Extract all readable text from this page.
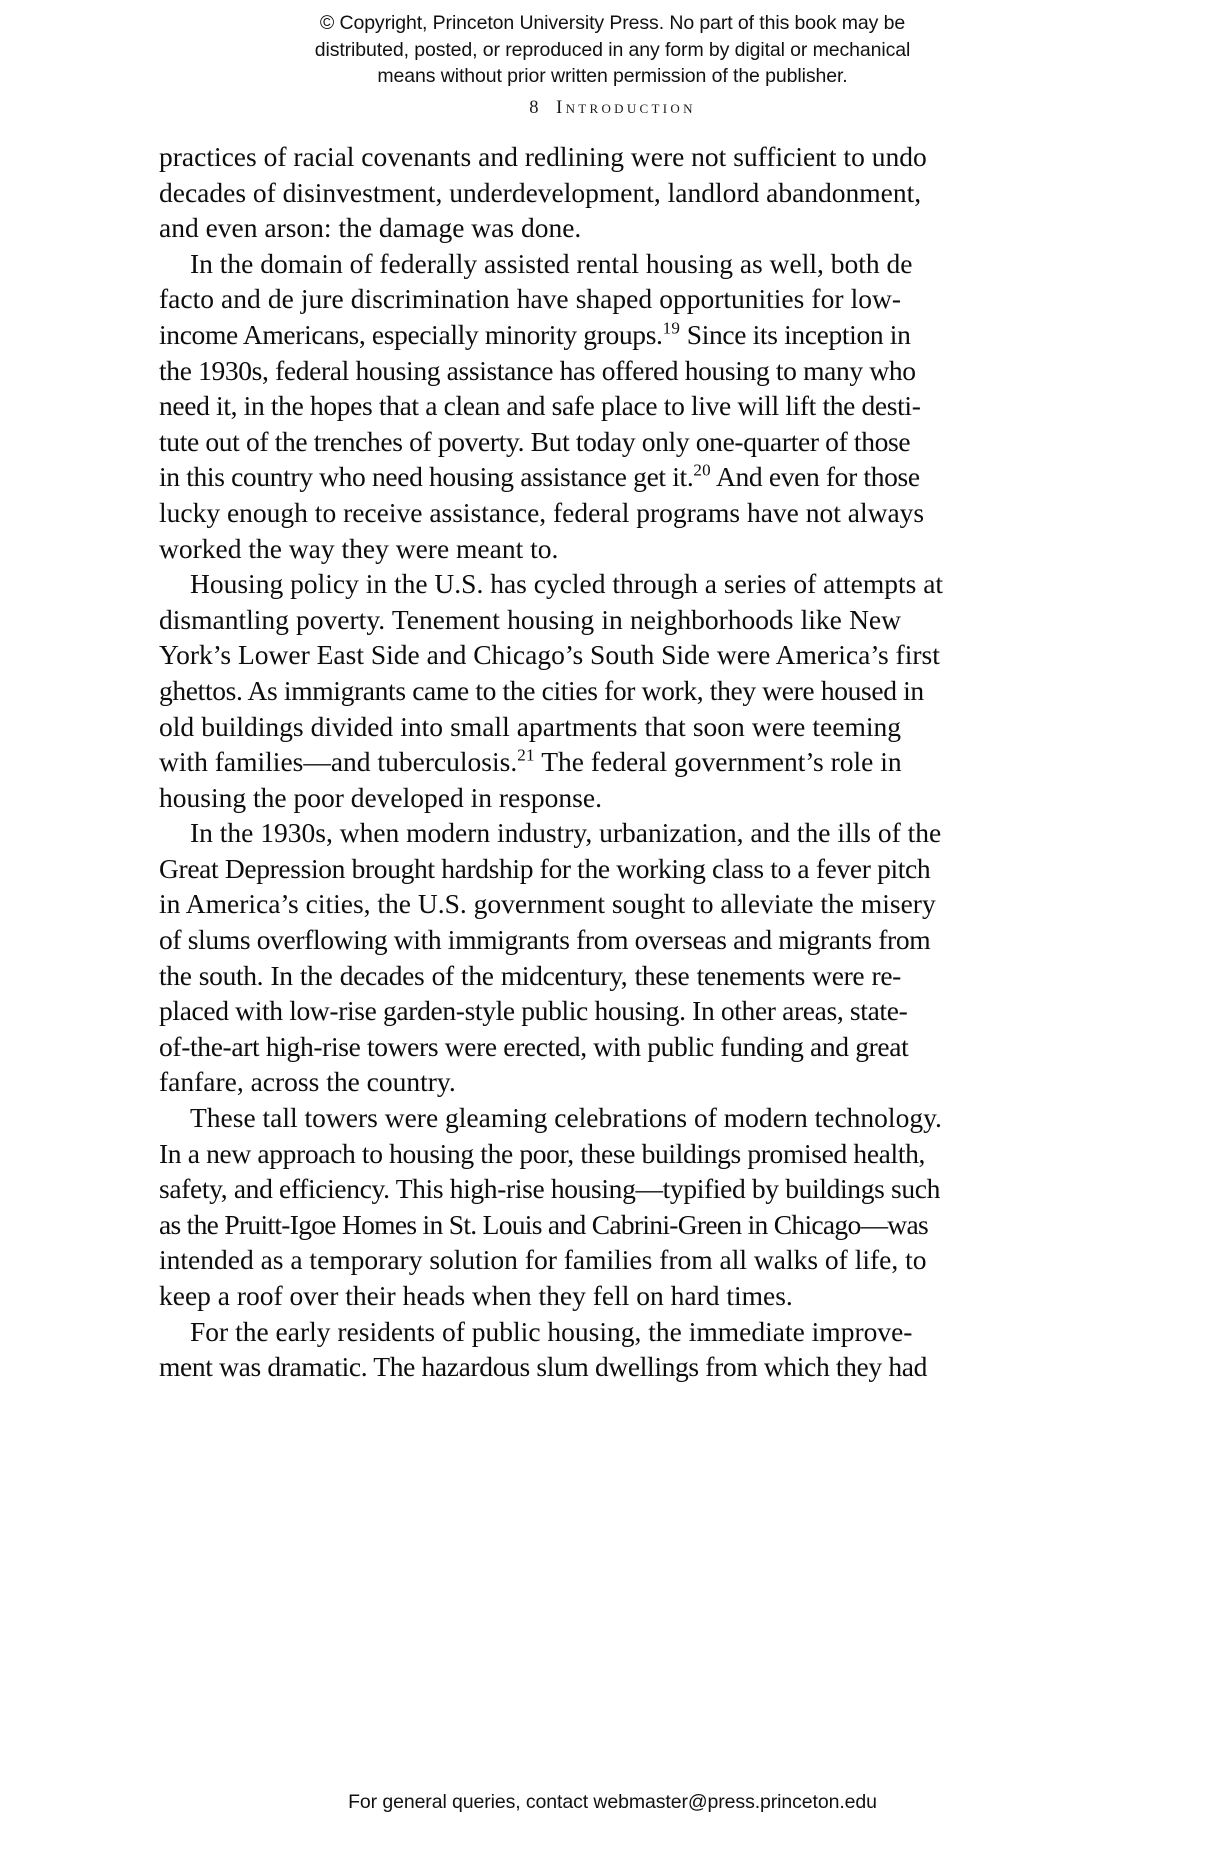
© Copyright, Princeton University Press. No part of this book may be
distributed, posted, or reproduced in any form by digital or mechanical
means without prior written permission of the publisher.
8 Introduction

practices of racial covenants and redlining were not sufficient to undo
decades of disinvestment, underdevelopment, landlord abandonment,
and even arson: the damage was done.

In the domain of federally assisted rental housing as well, both de
facto and de jure discrimination have shaped opportunities for low-
income Americans, especially minority groups.$^{19}$ Since its inception in
the 1930s, federal housing assistance has offered housing to many who
need it, in the hopes that a clean and safe place to live will lift the desti-
tute out of the trenches of poverty. But today only one-quarter of those
in this country who need housing assistance get it.$^{20}$ And even for those
lucky enough to receive assistance, federal programs have not always
worked the way they were meant to.

Housing policy in the U.S. has cycled through a series of attempts at
dismantling poverty. Tenement housing in neighborhoods like New
York’s Lower East Side and Chicago’s South Side were America’s first
ghettos. As immigrants came to the cities for work, they were housed in
old buildings divided into small apartments that soon were teeming
with families—and tuberculosis.$^{21}$ The federal government’s role in
housing the poor developed in response.

In the 1930s, when modern industry, urbanization, and the ills of the
Great Depression brought hardship for the working class to a fever pitch
in America’s cities, the U.S. government sought to alleviate the misery
of slums overflowing with immigrants from overseas and migrants from
the south. In the decades of the midcentury, these tenements were re-
placed with low-rise garden-style public housing. In other areas, state-
of-the-art high-rise towers were erected, with public funding and great
fanfare, across the country.

These tall towers were gleaming celebrations of modern technology.
In a new approach to housing the poor, these buildings promised health,
safety, and efficiency. This high-rise housing—typified by buildings such
as the Pruitt-Igoe Homes in St. Louis and Cabrini-Green in Chicago—was
intended as a temporary solution for families from all walks of life, to
keep a roof over their heads when they fell on hard times.

For the early residents of public housing, the immediate improve-
ment was dramatic. The hazardous slum dwellings from which they had

For general queries, contact webmaster@press.princeton.edu
